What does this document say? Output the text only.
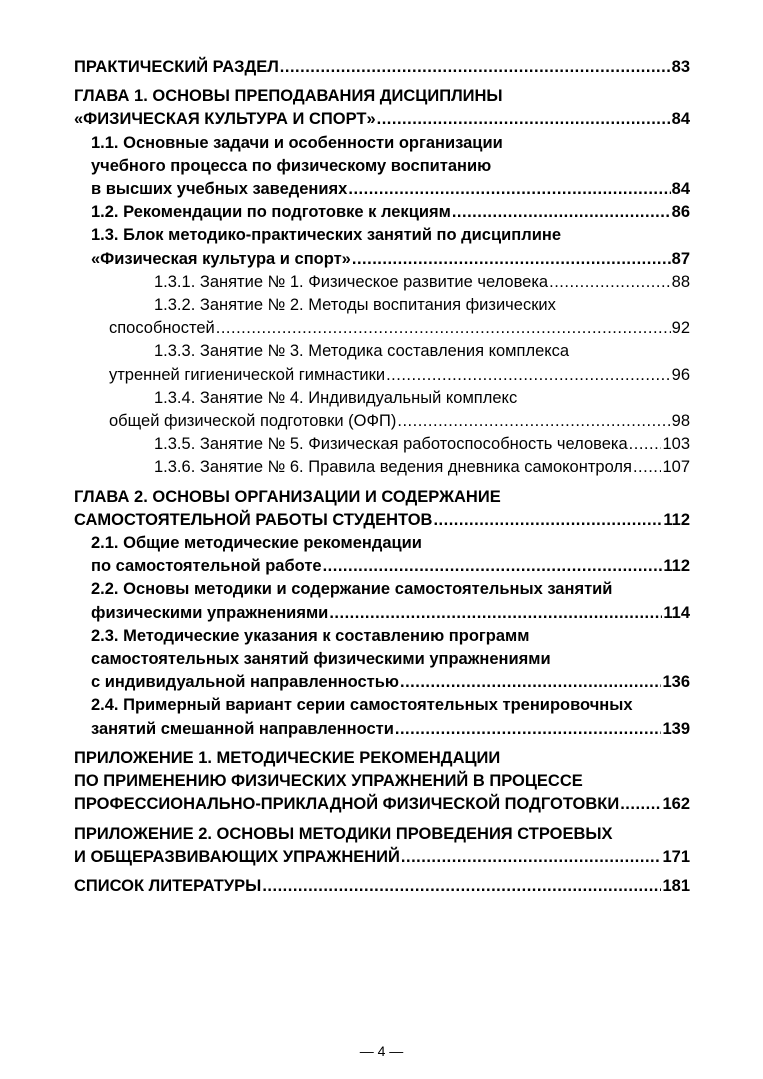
ПРАКТИЧЕСКИЙ РАЗДЕЛ .....	83
ГЛАВА 1. ОСНОВЫ ПРЕПОДАВАНИЯ ДИСЦИПЛИНЫ
«ФИЗИЧЕСКАЯ КУЛЬТУРА И СПОРТ» .....	84
1.1. Основные задачи и особенности организации
учебного процесса по физическому воспитанию
в высших учебных заведениях .....	84
1.2. Рекомендации по подготовке к лекциям .....	86
1.3. Блок методико-практических занятий по дисциплине
«Физическая культура и спорт» .....	87
1.3.1. Занятие № 1. Физическое развитие человека .....	88
1.3.2. Занятие № 2. Методы воспитания физических
способностей .....	92
1.3.3. Занятие № 3. Методика составления комплекса
утренней гигиенической гимнастики .....	96
1.3.4. Занятие № 4. Индивидуальный комплекс
общей физической подготовки (ОФП) .....	98
1.3.5. Занятие № 5. Физическая работоспособность человека ..... 103
1.3.6. Занятие № 6. Правила ведения дневника самоконтроля ..... 107
ГЛАВА 2. ОСНОВЫ ОРГАНИЗАЦИИ И СОДЕРЖАНИЕ
САМОСТОЯТЕЛЬНОЙ РАБОТЫ СТУДЕНТОВ .....	112
2.1. Общие методические рекомендации
по самостоятельной работе .....	112
2.2. Основы методики и содержание самостоятельных занятий
физическими упражнениями .....	114
2.3. Методические указания к составлению программ
самостоятельных занятий физическими упражнениями
с индивидуальной направленностью .....	136
2.4. Примерный вариант серии самостоятельных тренировочных
занятий смешанной направленности .....	139
ПРИЛОЖЕНИЕ 1. МЕТОДИЧЕСКИЕ РЕКОМЕНДАЦИИ
ПО ПРИМЕНЕНИЮ ФИЗИЧЕСКИХ УПРАЖНЕНИЙ В ПРОЦЕССЕ
ПРОФЕССИОНАЛЬНО-ПРИКЛАДНОЙ ФИЗИЧЕСКОЙ ПОДГОТОВКИ .....	162
ПРИЛОЖЕНИЕ 2. ОСНОВЫ МЕТОДИКИ ПРОВЕДЕНИЯ СТРОЕВЫХ
И ОБЩЕРАЗВИВАЮЩИХ УПРАЖНЕНИЙ .....	171
СПИСОК ЛИТЕРАТУРЫ .....	181
— 4 —
